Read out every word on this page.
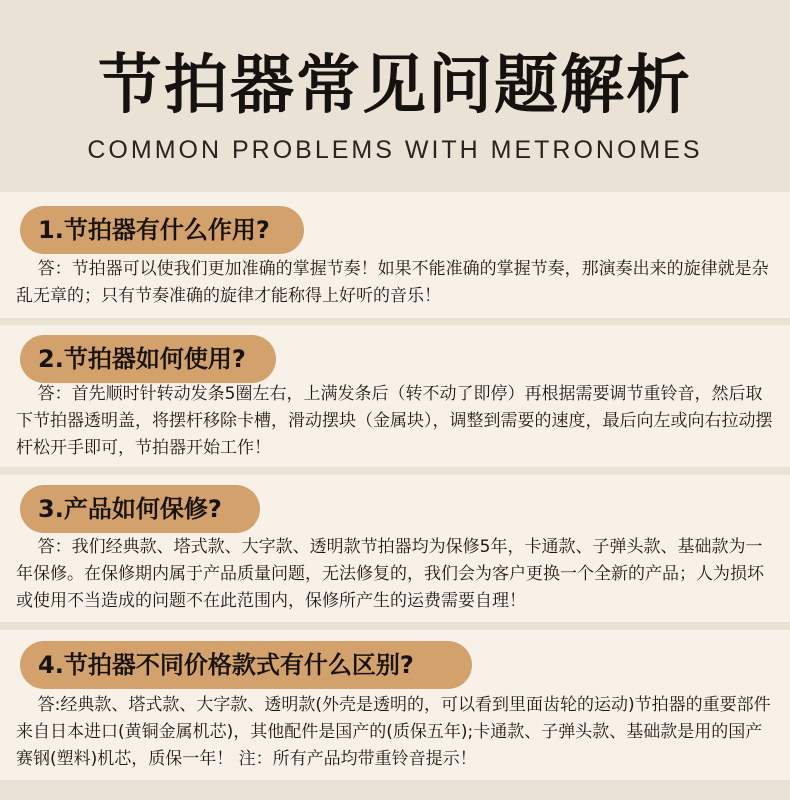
节拍器常见问题解析
COMMON PROBLEMS WITH METRONOMES
1.节拍器有什么作用?
答：节拍器可以使我们更加准确的掌握节奏！如果不能准确的掌握节奏，那演奏出来的旋律就是杂乱无章的；只有节奏准确的旋律才能称得上好听的音乐！
2.节拍器如何使用?
答：首先顺时针转动发条5圈左右，上满发条后（转不动了即停）再根据需要调节重铃音，然后取下节拍器透明盖，将摆杆移除卡槽，滑动摆块（金属块），调整到需要的速度，最后向左或向右拉动摆杆松开手即可，节拍器开始工作！
3.产品如何保修?
答：我们经典款、塔式款、大字款、透明款节拍器均为保修5年，卡通款、子弹头款、基础款为一年保修。在保修期内属于产品质量问题，无法修复的，我们会为客户更换一个全新的产品；人为损坏或使用不当造成的问题不在此范围内，保修所产生的运费需要自理！
4.节拍器不同价格款式有什么区别?
答:经典款、塔式款、大字款、透明款(外壳是透明的，可以看到里面齿轮的运动)节拍器的重要部件来自日本进口(黄铜金属机芯)，其他配件是国产的(质保五年);卡通款、子弹头款、基础款是用的国产赛钢(塑料)机芯，质保一年！ 注：所有产品均带重铃音提示！
